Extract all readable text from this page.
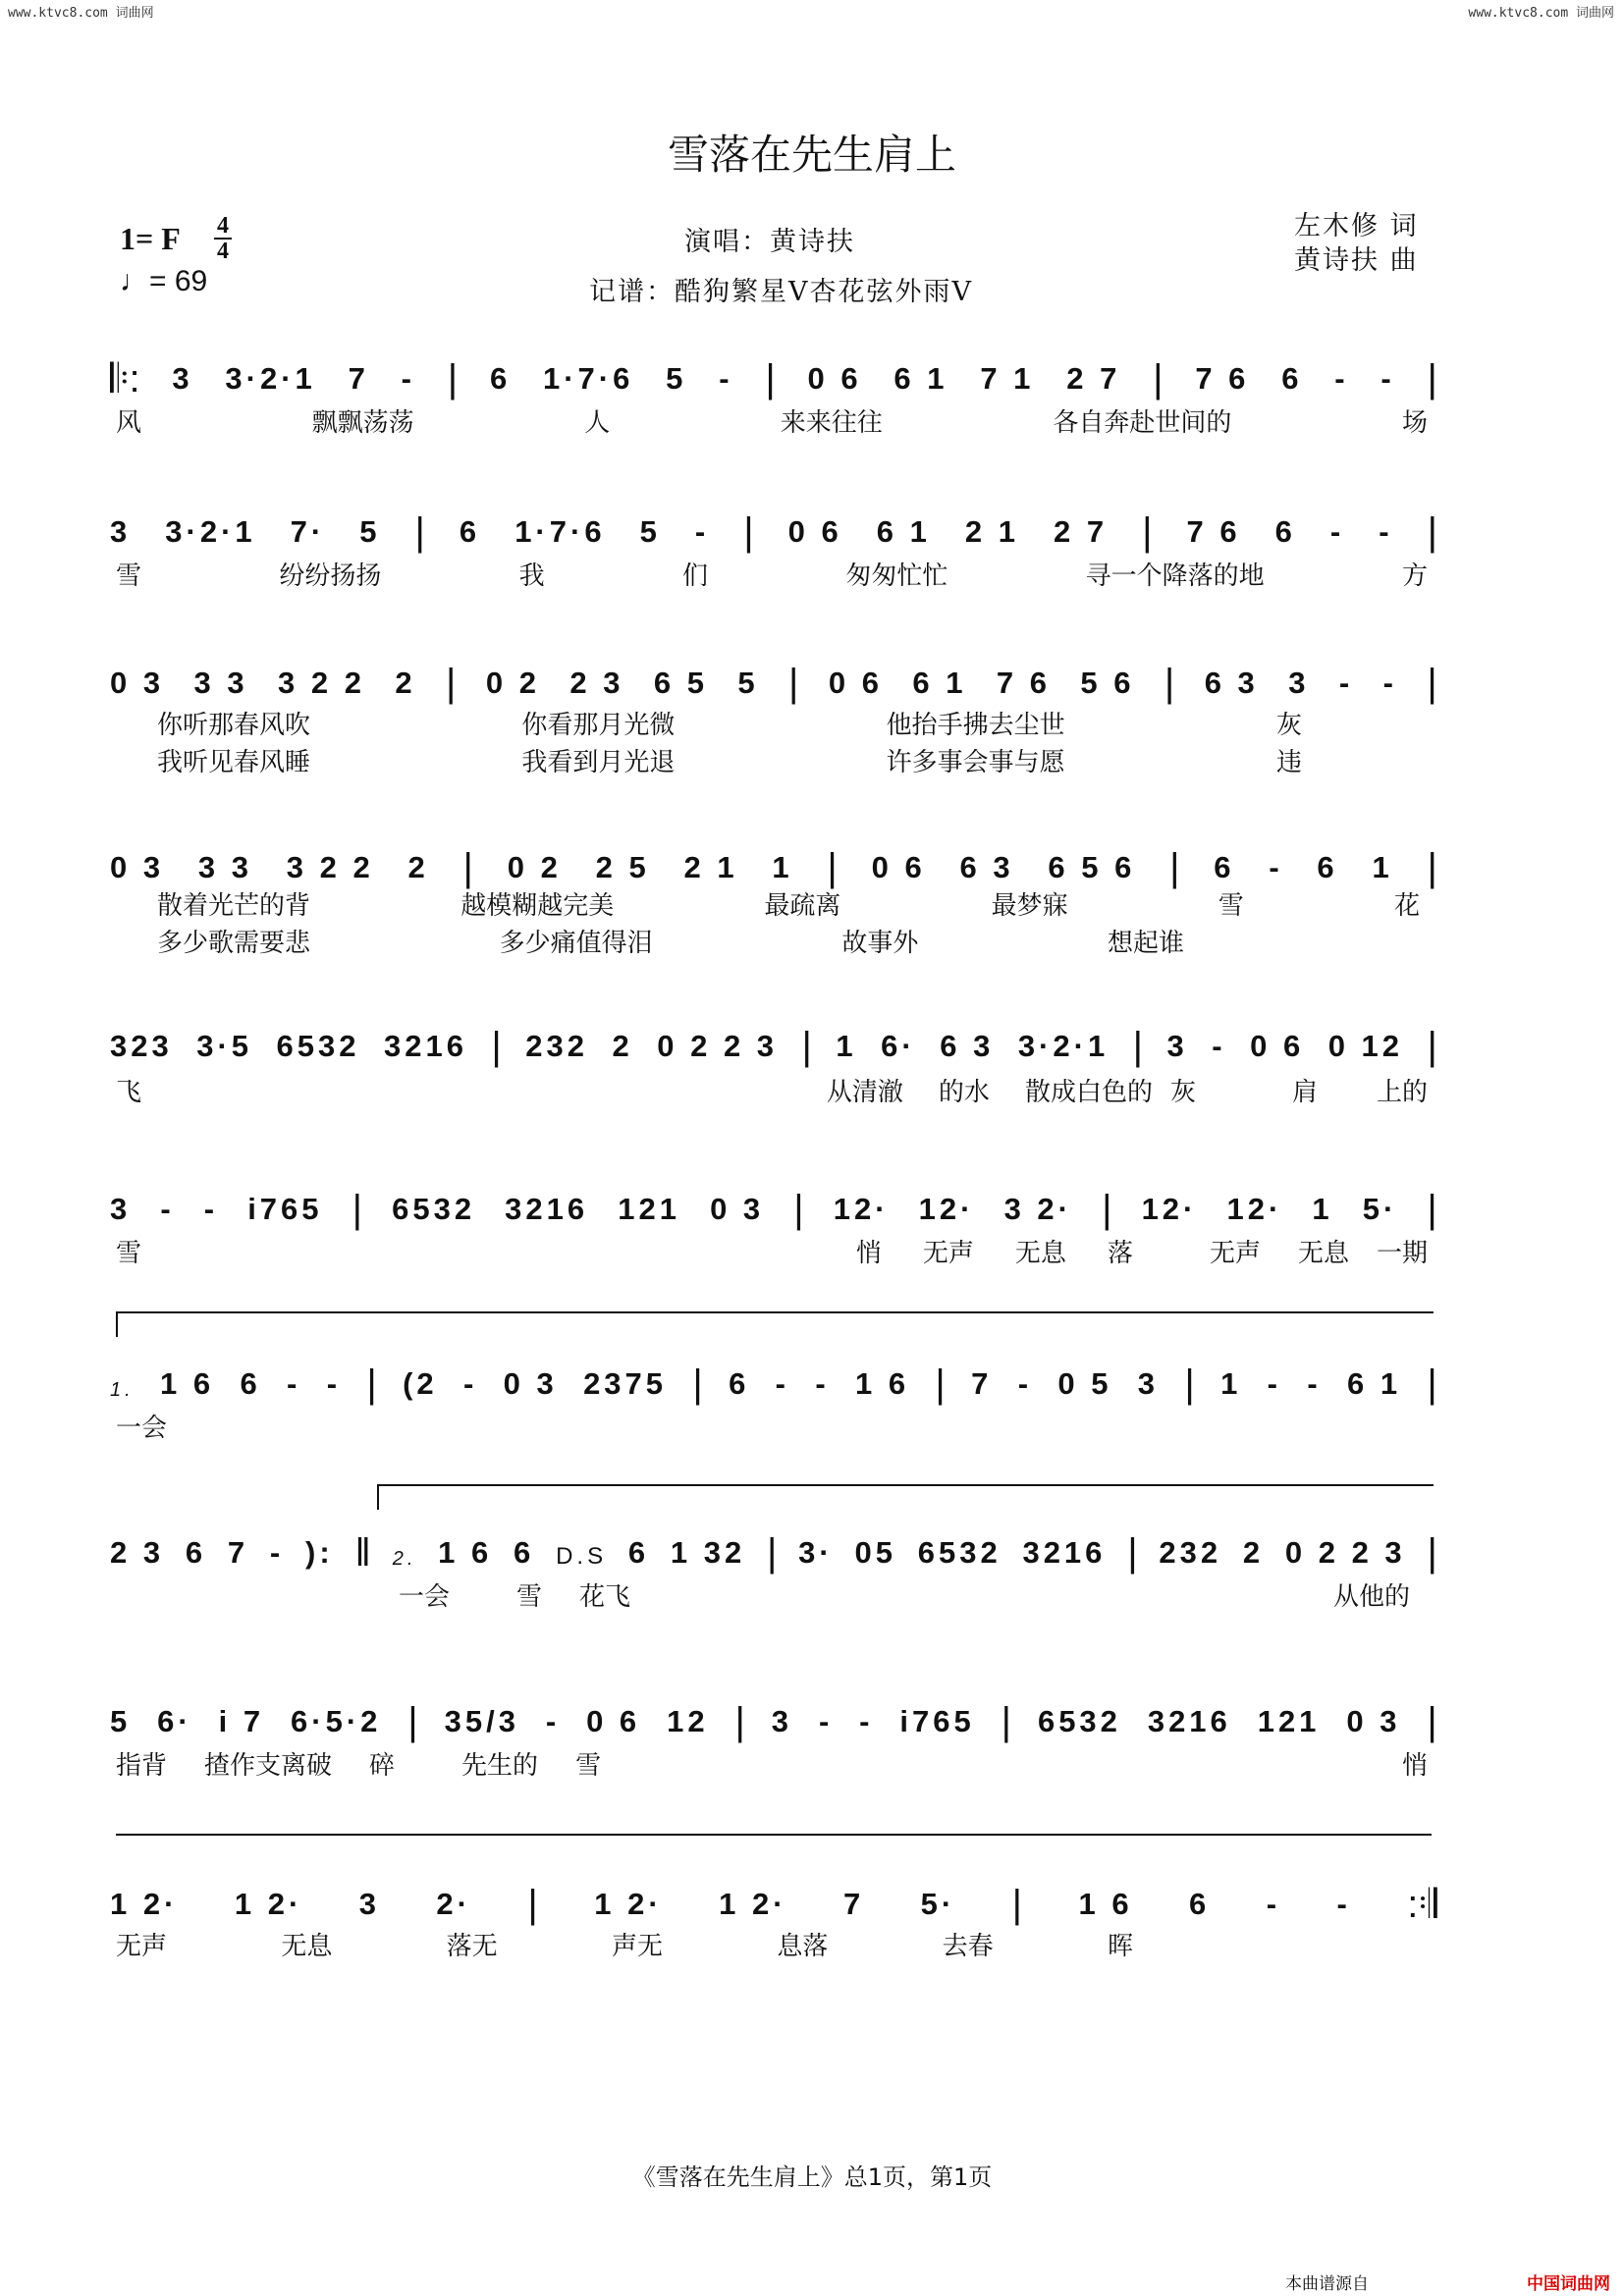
www.ktvc8.com 词曲网	www.ktvc8.com 词曲网
雪落在先生肩上
1= F 4
4
♩= 69
演唱：黄诗扶
记谱：酷狗繁星V杏花弦外雨V
左木修 词
黄诗扶 曲
𝄆: 3 3·2·1 7 - | 6 1·7·6 5 - | 0 6 6 1 7 1 2 7 | 7 6 6 - - |
风	飘飘荡荡	人	来来往往	各自奔赴世间的	场
3 3·2·1 7· 5 | 6 1·7·6 5 - | 0 6 6 1 2 1 2 7 | 7 6 6 - - |
雪	纷纷扬扬	我	们	匆匆忙忙	寻一个降落的地	方
0 3 3 3 3 2 2 2 | 0 2 2 3 6 5 5 | 0 6 6 1 7 6 5 6 | 6 3 3 - - |
你听那春风吹	你看那月光微	他抬手拂去尘世	灰
我听见春风睡	我看到月光退	许多事会事与愿	违
0 3 3 3 3 2 2 2 | 0 2 2 5 2 1 1 | 0 6 6 3 6 5 6 | 6 - 6 1 |
散着光芒的背	越模糊越完美	最疏离	最梦寐	雪	花
多少歌需要悲	多少痛值得泪	故事外	想起谁
323 3·5 6532 3216 | 232 2 0 2 2 3 | 1 6· 6 3 3·2·1 | 3 - 0 6 0 12 |
飞	从清澈 的水 散成白色的 灰	肩 上的
3 - - i765 | 6532 3216 121 0 3 | 12· 12· 3 2· | 12· 12· 1 5· |
雪	悄 无声 无息 落	无声 无息 一期
1. 1 6 6 - - | (2 - 0 3 2375 | 6 - - 1 6 | 7 - 0 5 3 | 1 - - 6 1 |
一会
2 3 6 7 - ): ‖ 2. 1 6 6 D.S 6 1 32 | 3· 05 6532 3216 | 232 2 0 2 2 3 |
一会	雪 花飞	从他的
5 6· i 7 6·5·2 | 35/3 - 0 6 12 | 3 - - i765 | 6532 3216 121 0 3 |
指背 揸作支离破 碎	先生的 雪	悄
1 2· 1 2· 3 2· | 1 2· 1 2· 7 5· | 1 6 6 - - :𝄇
无声	无息	落无	声无	息落	去春	晖
《雪落在先生肩上》总1页，第1页
本曲谱源自	中国词曲网
